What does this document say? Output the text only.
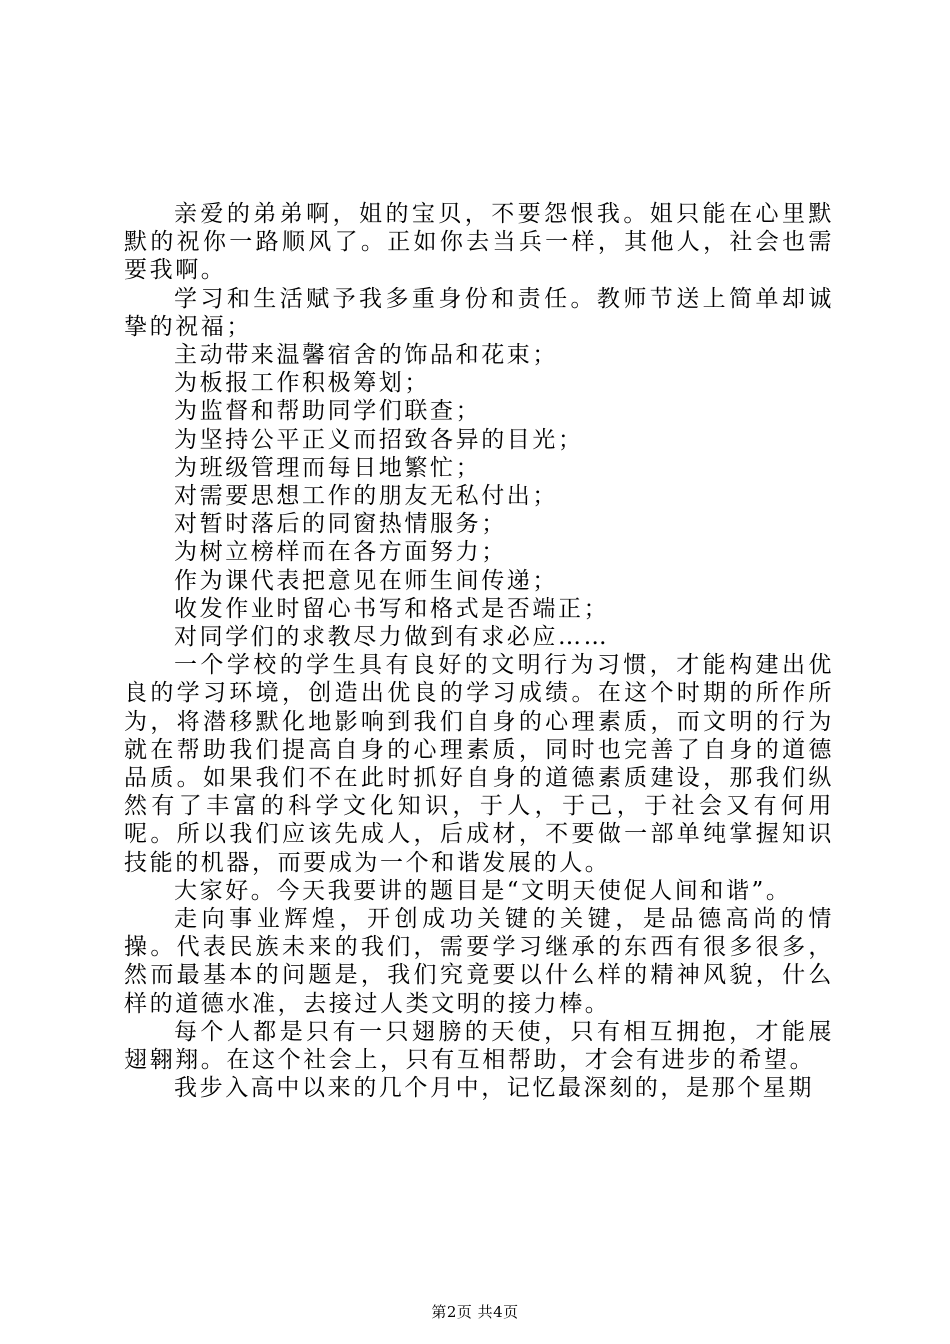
亲爱的弟弟啊，姐的宝贝，不要怨恨我。姐只能在心里默默的祝你一路顺风了。正如你去当兵一样，其他人，社会也需要我啊。

学习和生活赋予我多重身份和责任。教师节送上简单却诚挚的祝福；

主动带来温馨宿舍的饰品和花束；

为板报工作积极筹划；

为监督和帮助同学们联查；

为坚持公平正义而招致各异的目光；

为班级管理而每日地繁忙；

对需要思想工作的朋友无私付出；

对暂时落后的同窗热情服务；

为树立榜样而在各方面努力；

作为课代表把意见在师生间传递；

收发作业时留心书写和格式是否端正；

对同学们的求教尽力做到有求必应……

一个学校的学生具有良好的文明行为习惯，才能构建出优良的学习环境，创造出优良的学习成绩。在这个时期的所作所为，将潜移默化地影响到我们自身的心理素质，而文明的行为就在帮助我们提高自身的心理素质，同时也完善了自身的道德品质。如果我们不在此时抓好自身的道德素质建设，那我们纵然有了丰富的科学文化知识，于人，于己，于社会又有何用呢。所以我们应该先成人，后成材，不要做一部单纯掌握知识技能的机器，而要成为一个和谐发展的人。

大家好。今天我要讲的题目是“文明天使促人间和谐”。

走向事业辉煌，开创成功关键的关键，是品德高尚的情操。代表民族未来的我们，需要学习继承的东西有很多很多，然而最基本的问题是，我们究竟要以什么样的精神风貌，什么样的道德水准，去接过人类文明的接力棒。

每个人都是只有一只翅膀的天使，只有相互拥抱，才能展翅翱翔。在这个社会上，只有互相帮助，才会有进步的希望。

我步入高中以来的几个月中，记忆最深刻的，是那个星期

第2页 共4页
